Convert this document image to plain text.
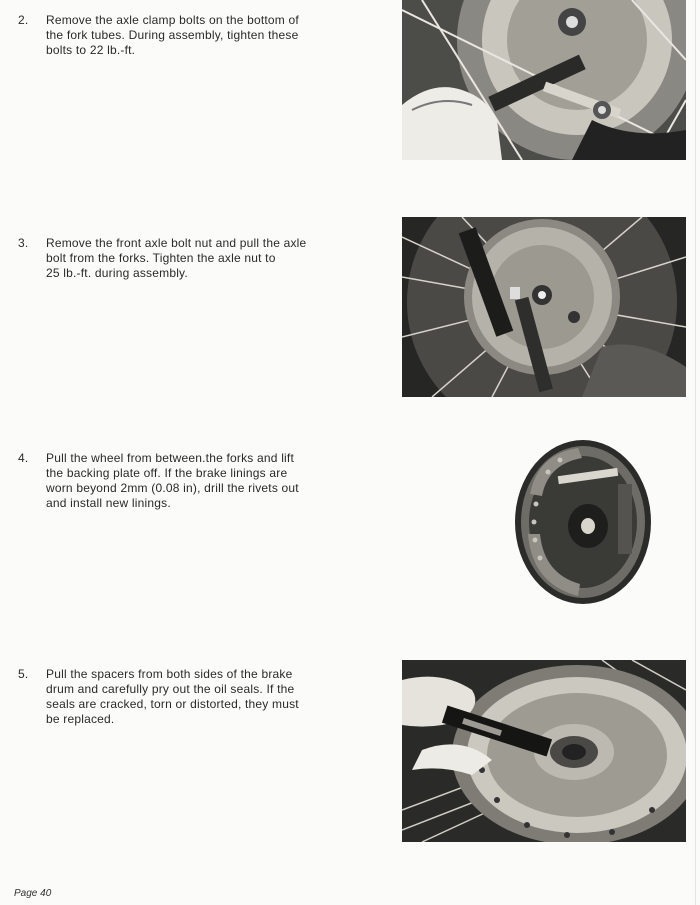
2. Remove the axle clamp bolts on the bottom of
the fork tubes. During assembly, tighten these
bolts to 22 lb.-ft.
3. Remove the front axle bolt nut and pull the axle
bolt from the forks. Tighten the axle nut to
25 lb.-ft. during assembly.
4. Pull the wheel from between.the forks and lift
the backing plate off. If the brake linings are
worn beyond 2mm (0.08 in), drill the rivets out
and install new linings.
5. Pull the spacers from both sides of the brake
drum and carefully pry out the oil seals. If the
seals are cracked, torn or distorted, they must
be replaced.
Page 40
